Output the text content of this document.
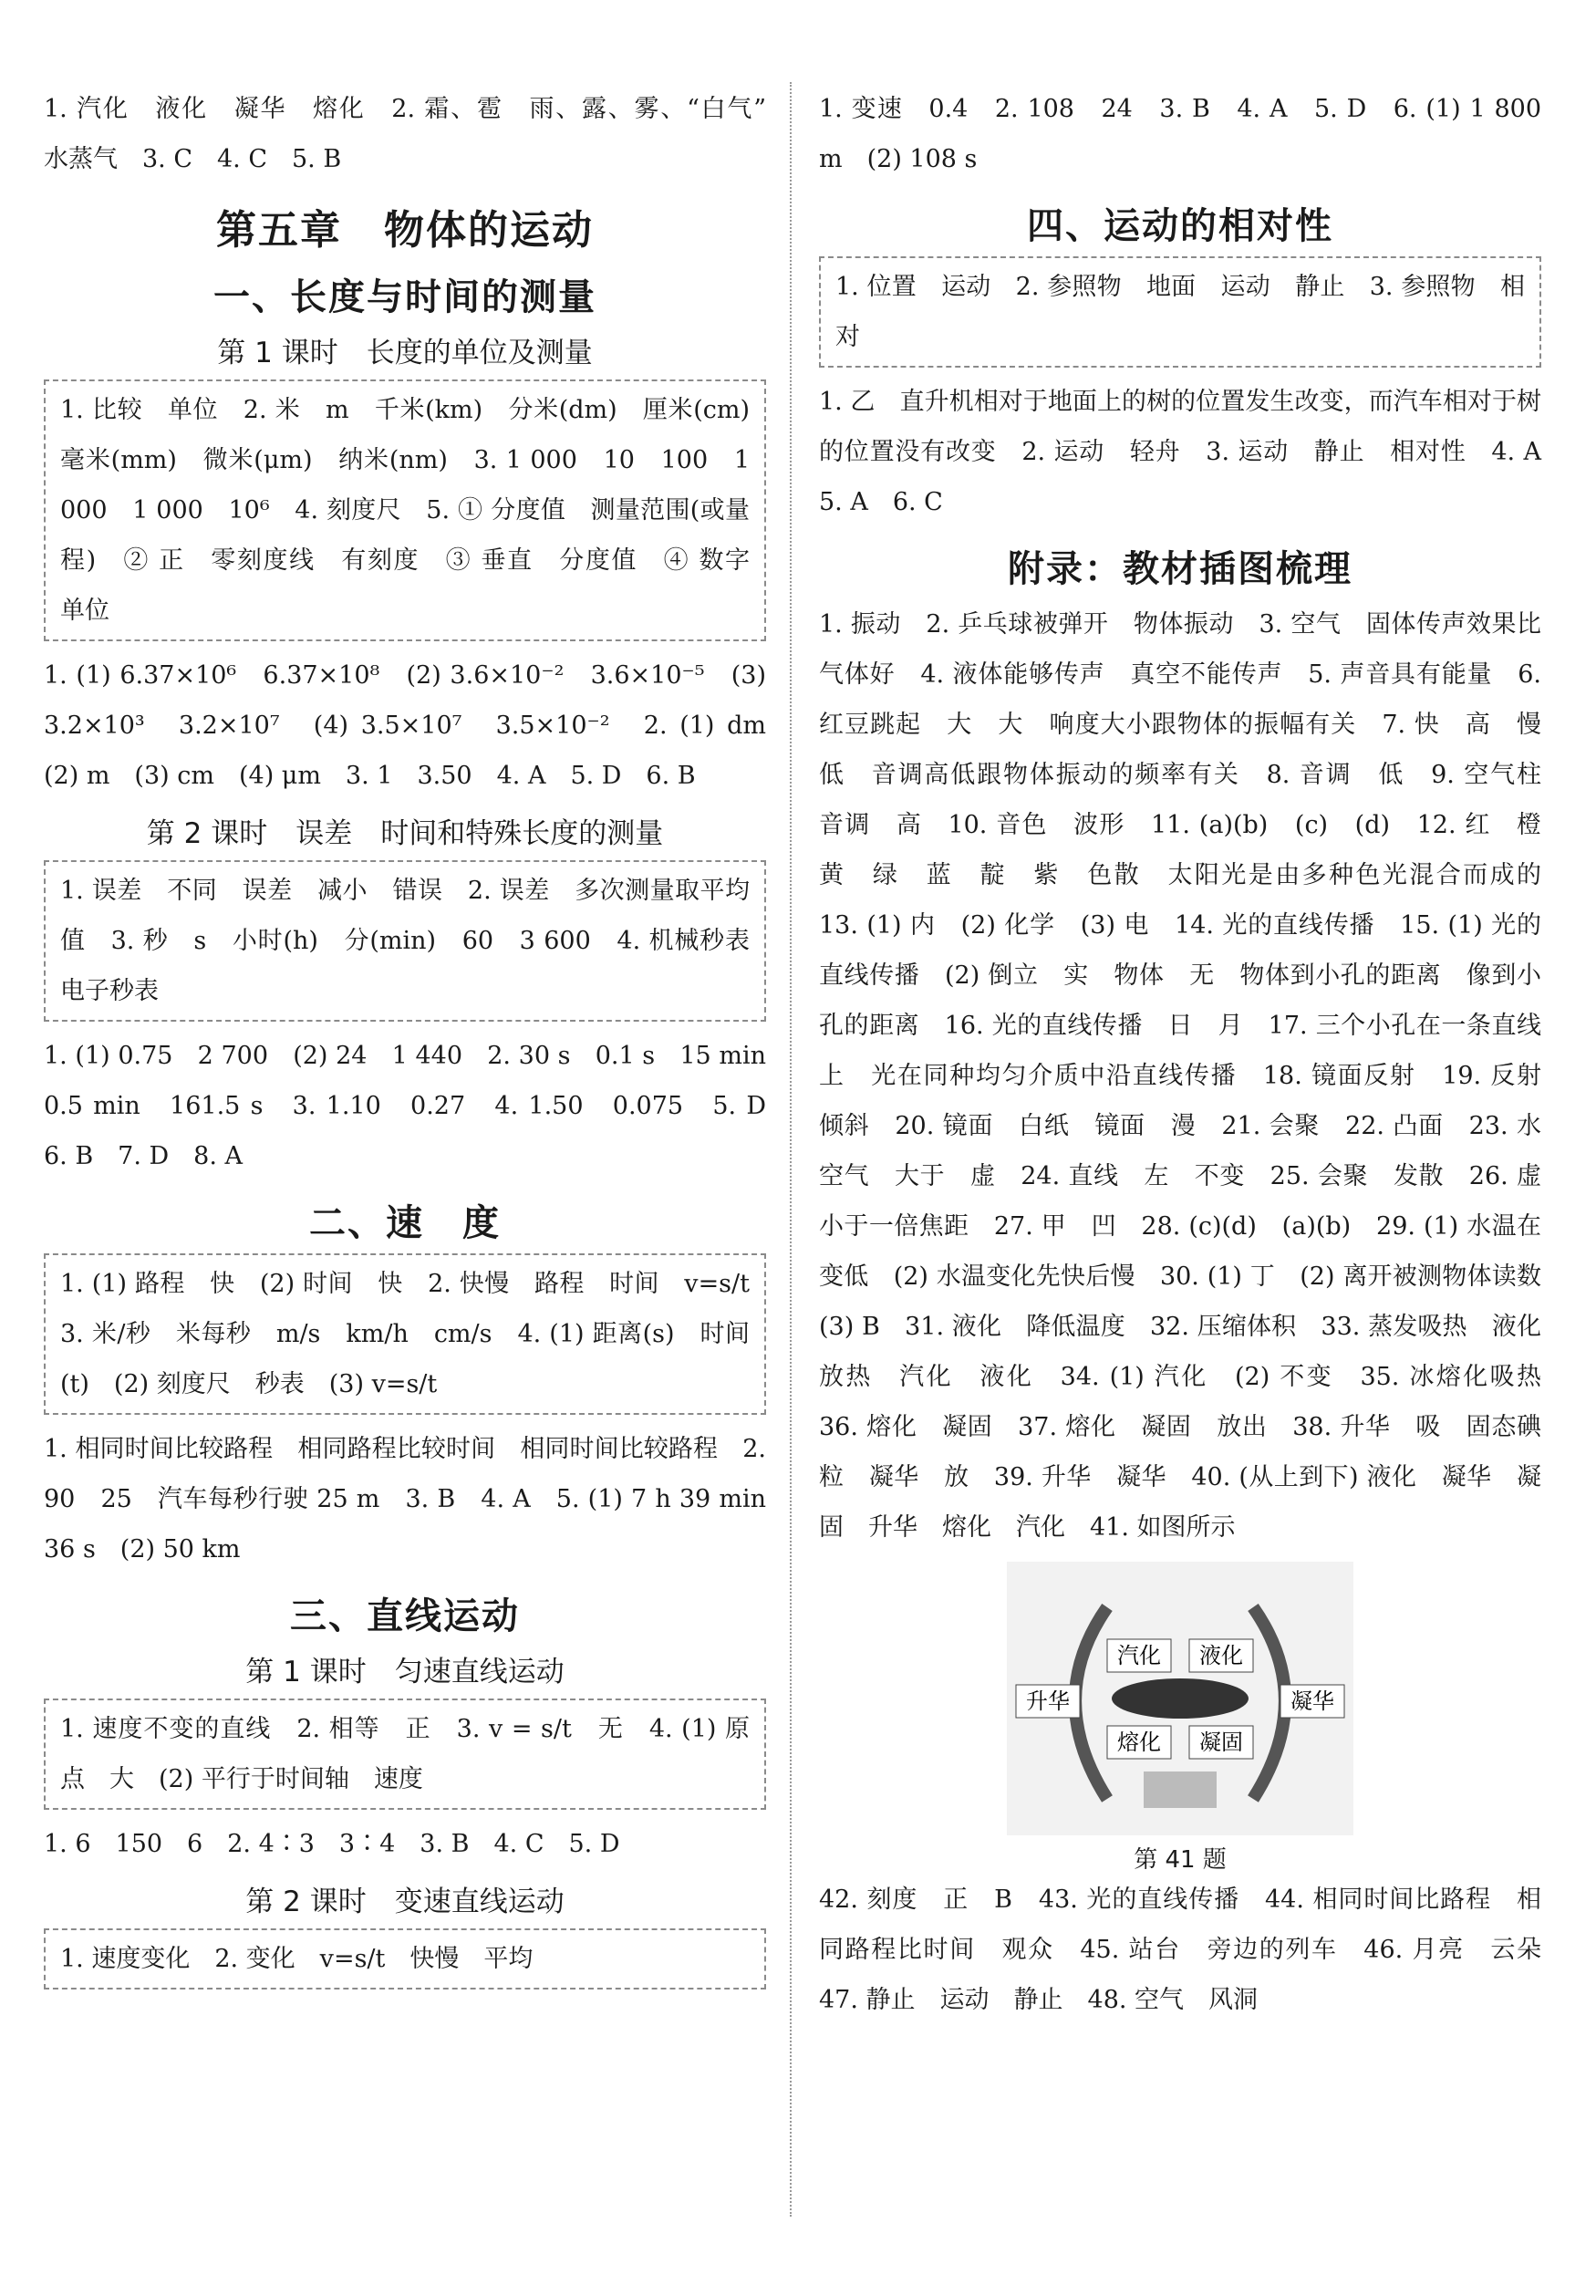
1. 汽化　液化　凝华　熔化　2. 霜、雹　雨、露、雾、“白气”　水蒸气　3. C　4. C　5. B

第五章　物体的运动
一、长度与时间的测量
第 1 课时　长度的单位及测量

1. 比较　单位　2. 米　m　千米(km)　分米(dm)　厘米(cm)　毫米(mm)　微米(μm)　纳米(nm)　3. 1 000　10　100　1 000　1 000　10⁶　4. 刻度尺　5. ① 分度值　测量范围(或量程)　② 正　零刻度线　有刻度　③ 垂直　分度值　④ 数字　单位

1. (1) 6.37×10⁶　6.37×10⁸　(2) 3.6×10⁻²　3.6×10⁻⁵　(3) 3.2×10³　3.2×10⁷　(4) 3.5×10⁷　3.5×10⁻²　2. (1) dm　(2) m　(3) cm　(4) μm　3. 1　3.50　4. A　5. D　6. B

第 2 课时　误差　时间和特殊长度的测量

1. 误差　不同　误差　减小　错误　2. 误差　多次测量取平均值　3. 秒　s　小时(h)　分(min)　60　3 600　4. 机械秒表　电子秒表

1. (1) 0.75　2 700　(2) 24　1 440　2. 30 s　0.1 s　15 min　0.5 min　161.5 s　3. 1.10　0.27　4. 1.50　0.075　5. D　6. B　7. D　8. A

二、速　度

1. (1) 路程　快　(2) 时间　快　2. 快慢　路程　时间　v=s/t　3. 米/秒　米每秒　m/s　km/h　cm/s　4. (1) 距离(s)　时间(t)　(2) 刻度尺　秒表　(3) v=s/t

1. 相同时间比较路程　相同路程比较时间　相同时间比较路程　2. 90　25　汽车每秒行驶 25 m　3. B　4. A　5. (1) 7 h 39 min 36 s　(2) 50 km

三、直线运动
第 1 课时　匀速直线运动

1. 速度不变的直线　2. 相等　正　3. v = s/t　无　4. (1) 原点　大　(2) 平行于时间轴　速度

1. 6　150　6　2. 4∶3　3∶4　3. B　4. C　5. D

第 2 课时　变速直线运动

1. 速度变化　2. 变化　v=s/t　快慢　平均

1. 变速　0.4　2. 108　24　3. B　4. A　5. D　6. (1) 1 800 m　(2) 108 s

四、运动的相对性

1. 位置　运动　2. 参照物　地面　运动　静止　3. 参照物　相对

1. 乙　直升机相对于地面上的树的位置发生改变，而汽车相对于树的位置没有改变　2. 运动　轻舟　3. 运动　静止　相对性　4. A　5. A　6. C

附录：教材插图梳理

1. 振动　2. 乒乓球被弹开　物体振动　3. 空气　固体传声效果比气体好　4. 液体能够传声　真空不能传声　5. 声音具有能量　6. 红豆跳起　大　大　响度大小跟物体的振幅有关　7. 快　高　慢　低　音调高低跟物体振动的频率有关　8. 音调　低　9. 空气柱　音调　高　10. 音色　波形　11. (a)(b)　(c)　(d)　12. 红　橙　黄　绿　蓝　靛　紫　色散　太阳光是由多种色光混合而成的　13. (1) 内　(2) 化学　(3) 电　14. 光的直线传播　15. (1) 光的直线传播　(2) 倒立　实　物体　无　物体到小孔的距离　像到小孔的距离　16. 光的直线传播　日　月　17. 三个小孔在一条直线上　光在同种均匀介质中沿直线传播　18. 镜面反射　19. 反射　倾斜　20. 镜面　白纸　镜面　漫　21. 会聚　22. 凸面　23. 水　空气　大于　虚　24. 直线　左　不变　25. 会聚　发散　26. 虚　小于一倍焦距　27. 甲　凹　28. (c)(d)　(a)(b)　29. (1) 水温在变低　(2) 水温变化先快后慢　30. (1) 丁　(2) 离开被测物体读数　(3) B　31. 液化　降低温度　32. 压缩体积　33. 蒸发吸热　液化放热　汽化　液化　34. (1) 汽化　(2) 不变　35. 冰熔化吸热　36. 熔化　凝固　37. 熔化　凝固　放出　38. 升华　吸　固态碘粒　凝华　放　39. 升华　凝华　40. (从上到下) 液化　凝华　凝固　升华　熔化　汽化　41. 如图所示

汽化 液化
升华	凝华
熔化 凝固
第 41 题

42. 刻度　正　B　43. 光的直线传播　44. 相同时间比路程　相同路程比时间　观众　45. 站台　旁边的列车　46. 月亮　云朵　47. 静止　运动　静止　48. 空气　风洞
